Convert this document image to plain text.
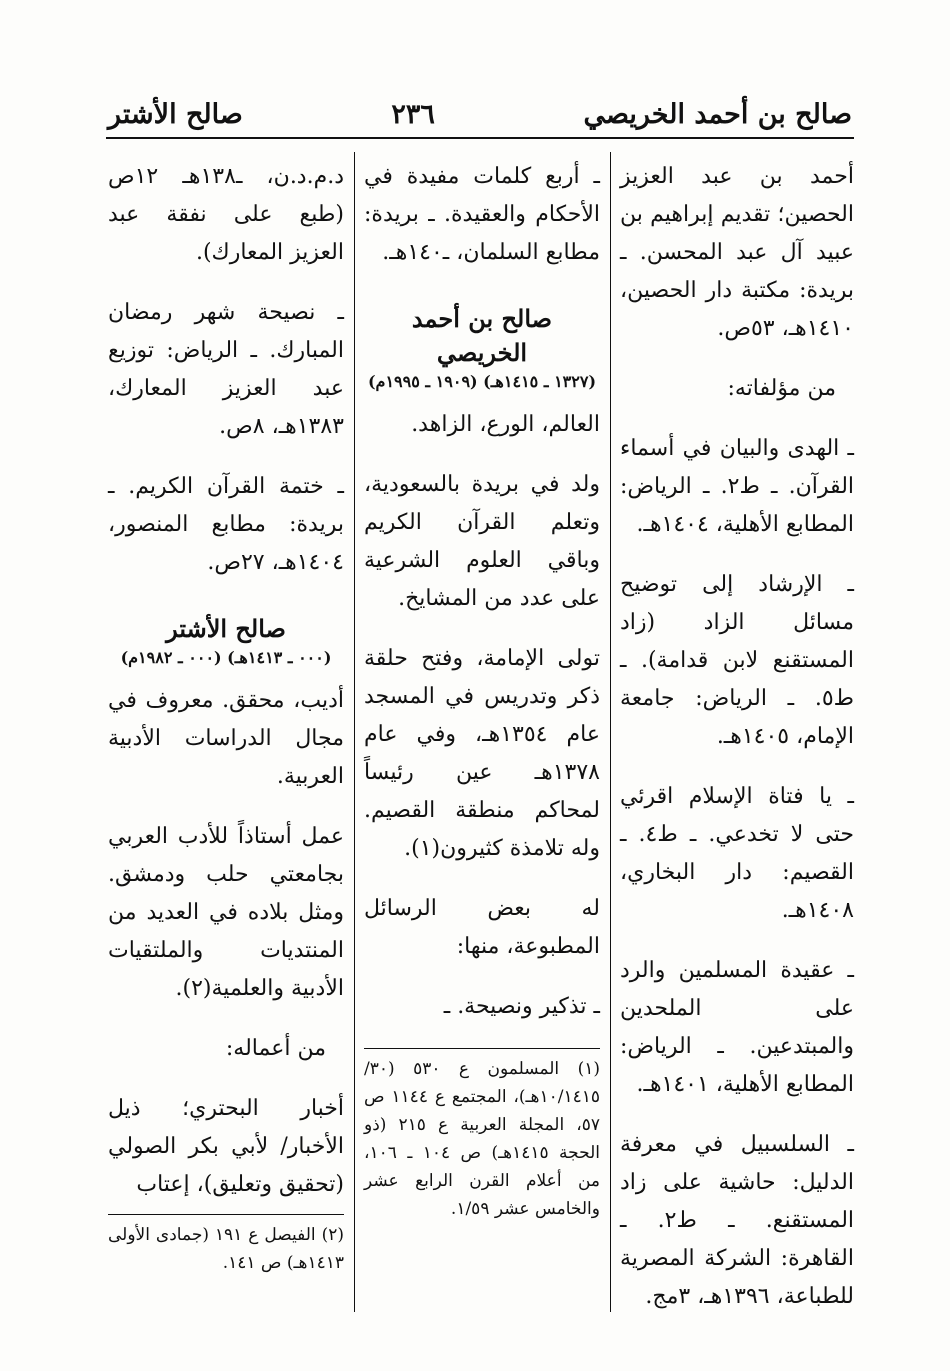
صالح بن أحمد الخريصي
٢٣٦
صالح الأشتر

أحمد بن عبد العزيز الحصين؛ تقديم إبراهيم بن عبيد آل عبد المحسن. ـ بريدة: مكتبة دار الحصين، ١٤١٠هـ، ٥٣ص.

من مؤلفاته:

ـ الهدى والبيان في أسماء القرآن. ـ ط٢. ـ الرياض: المطابع الأهلية، ١٤٠٤هـ.

ـ الإرشاد إلى توضيح مسائل الزاد (زاد المستقنع لابن قدامة). ـ ط٥. ـ الرياض: جامعة الإمام، ١٤٠٥هـ.

ـ يا فتاة الإسلام اقرئي حتى لا تخدعي. ـ ط٤. ـ القصيم: دار البخاري، ١٤٠٨هـ.

ـ عقيدة المسلمين والرد على الملحدين والمبتدعين. ـ الرياض: المطابع الأهلية، ١٤٠١هـ.

ـ السلسبيل في معرفة الدليل: حاشية على زاد المستقنع. ـ ط٢. ـ القاهرة: الشركة المصرية للطباعة، ١٣٩٦هـ، ٣مج.

ـ أربع كلمات مفيدة في الأحكام والعقيدة. ـ بريدة: مطابع السلمان، ـ١٤٠هـ.

صالح بن أحمد الخريصي

(١٣٢٧ ـ ١٤١٥هـ) (١٩٠٩ ـ ١٩٩٥م)

العالم، الورع، الزاهد.

ولد في بريدة بالسعودية، وتعلم القرآن الكريم وباقي العلوم الشرعية على عدد من المشايخ.

تولى الإمامة، وفتح حلقة ذكر وتدريس في المسجد عام ١٣٥٤هـ، وفي عام ١٣٧٨هـ عين رئيساً لمحاكم منطقة القصيم. وله تلامذة كثيرون(١).

له بعض الرسائل المطبوعة، منها:

ـ تذكير ونصيحة. ـ

(١) المسلمون ع ٥٣٠ (٣٠/ ١٠/١٤١٥هـ)، المجتمع ع ١١٤٤ ص ٥٧، المجلة العربية ع ٢١٥ (ذو الحجة ١٤١٥هـ) ص ١٠٤ ـ ١٠٦، من أعلام القرن الرابع عشر والخامس عشر ١/٥٩.

د.م.د.ن، ـ١٣٨هـ ١٢ص (طبع على نفقة عبد العزيز المعارك).

ـ نصيحة شهر رمضان المبارك. ـ الرياض: توزيع عبد العزيز المعارك، ١٣٨٣هـ، ٨ص.

ـ ختمة القرآن الكريم. ـ بريدة: مطابع المنصور، ١٤٠٤هـ، ٢٧ص.

صالح الأشتر

(٠٠٠ ـ ١٤١٣هـ) (٠٠٠ ـ ١٩٨٢م)

أديب، محقق. معروف في مجال الدراسات الأدبية العربية.

عمل أستاذاً للأدب العربي بجامعتي حلب ودمشق. ومثل بلاده في العديد من المنتديات والملتقيات الأدبية والعلمية(٢).

من أعماله:

أخبار البحتري؛ ذيل الأخبار/ لأبي بكر الصولي (تحقيق وتعليق)، إعتاب

(٢) الفيصل ع ١٩١ (جمادى الأولى ١٤١٣هـ) ص ١٤١.
